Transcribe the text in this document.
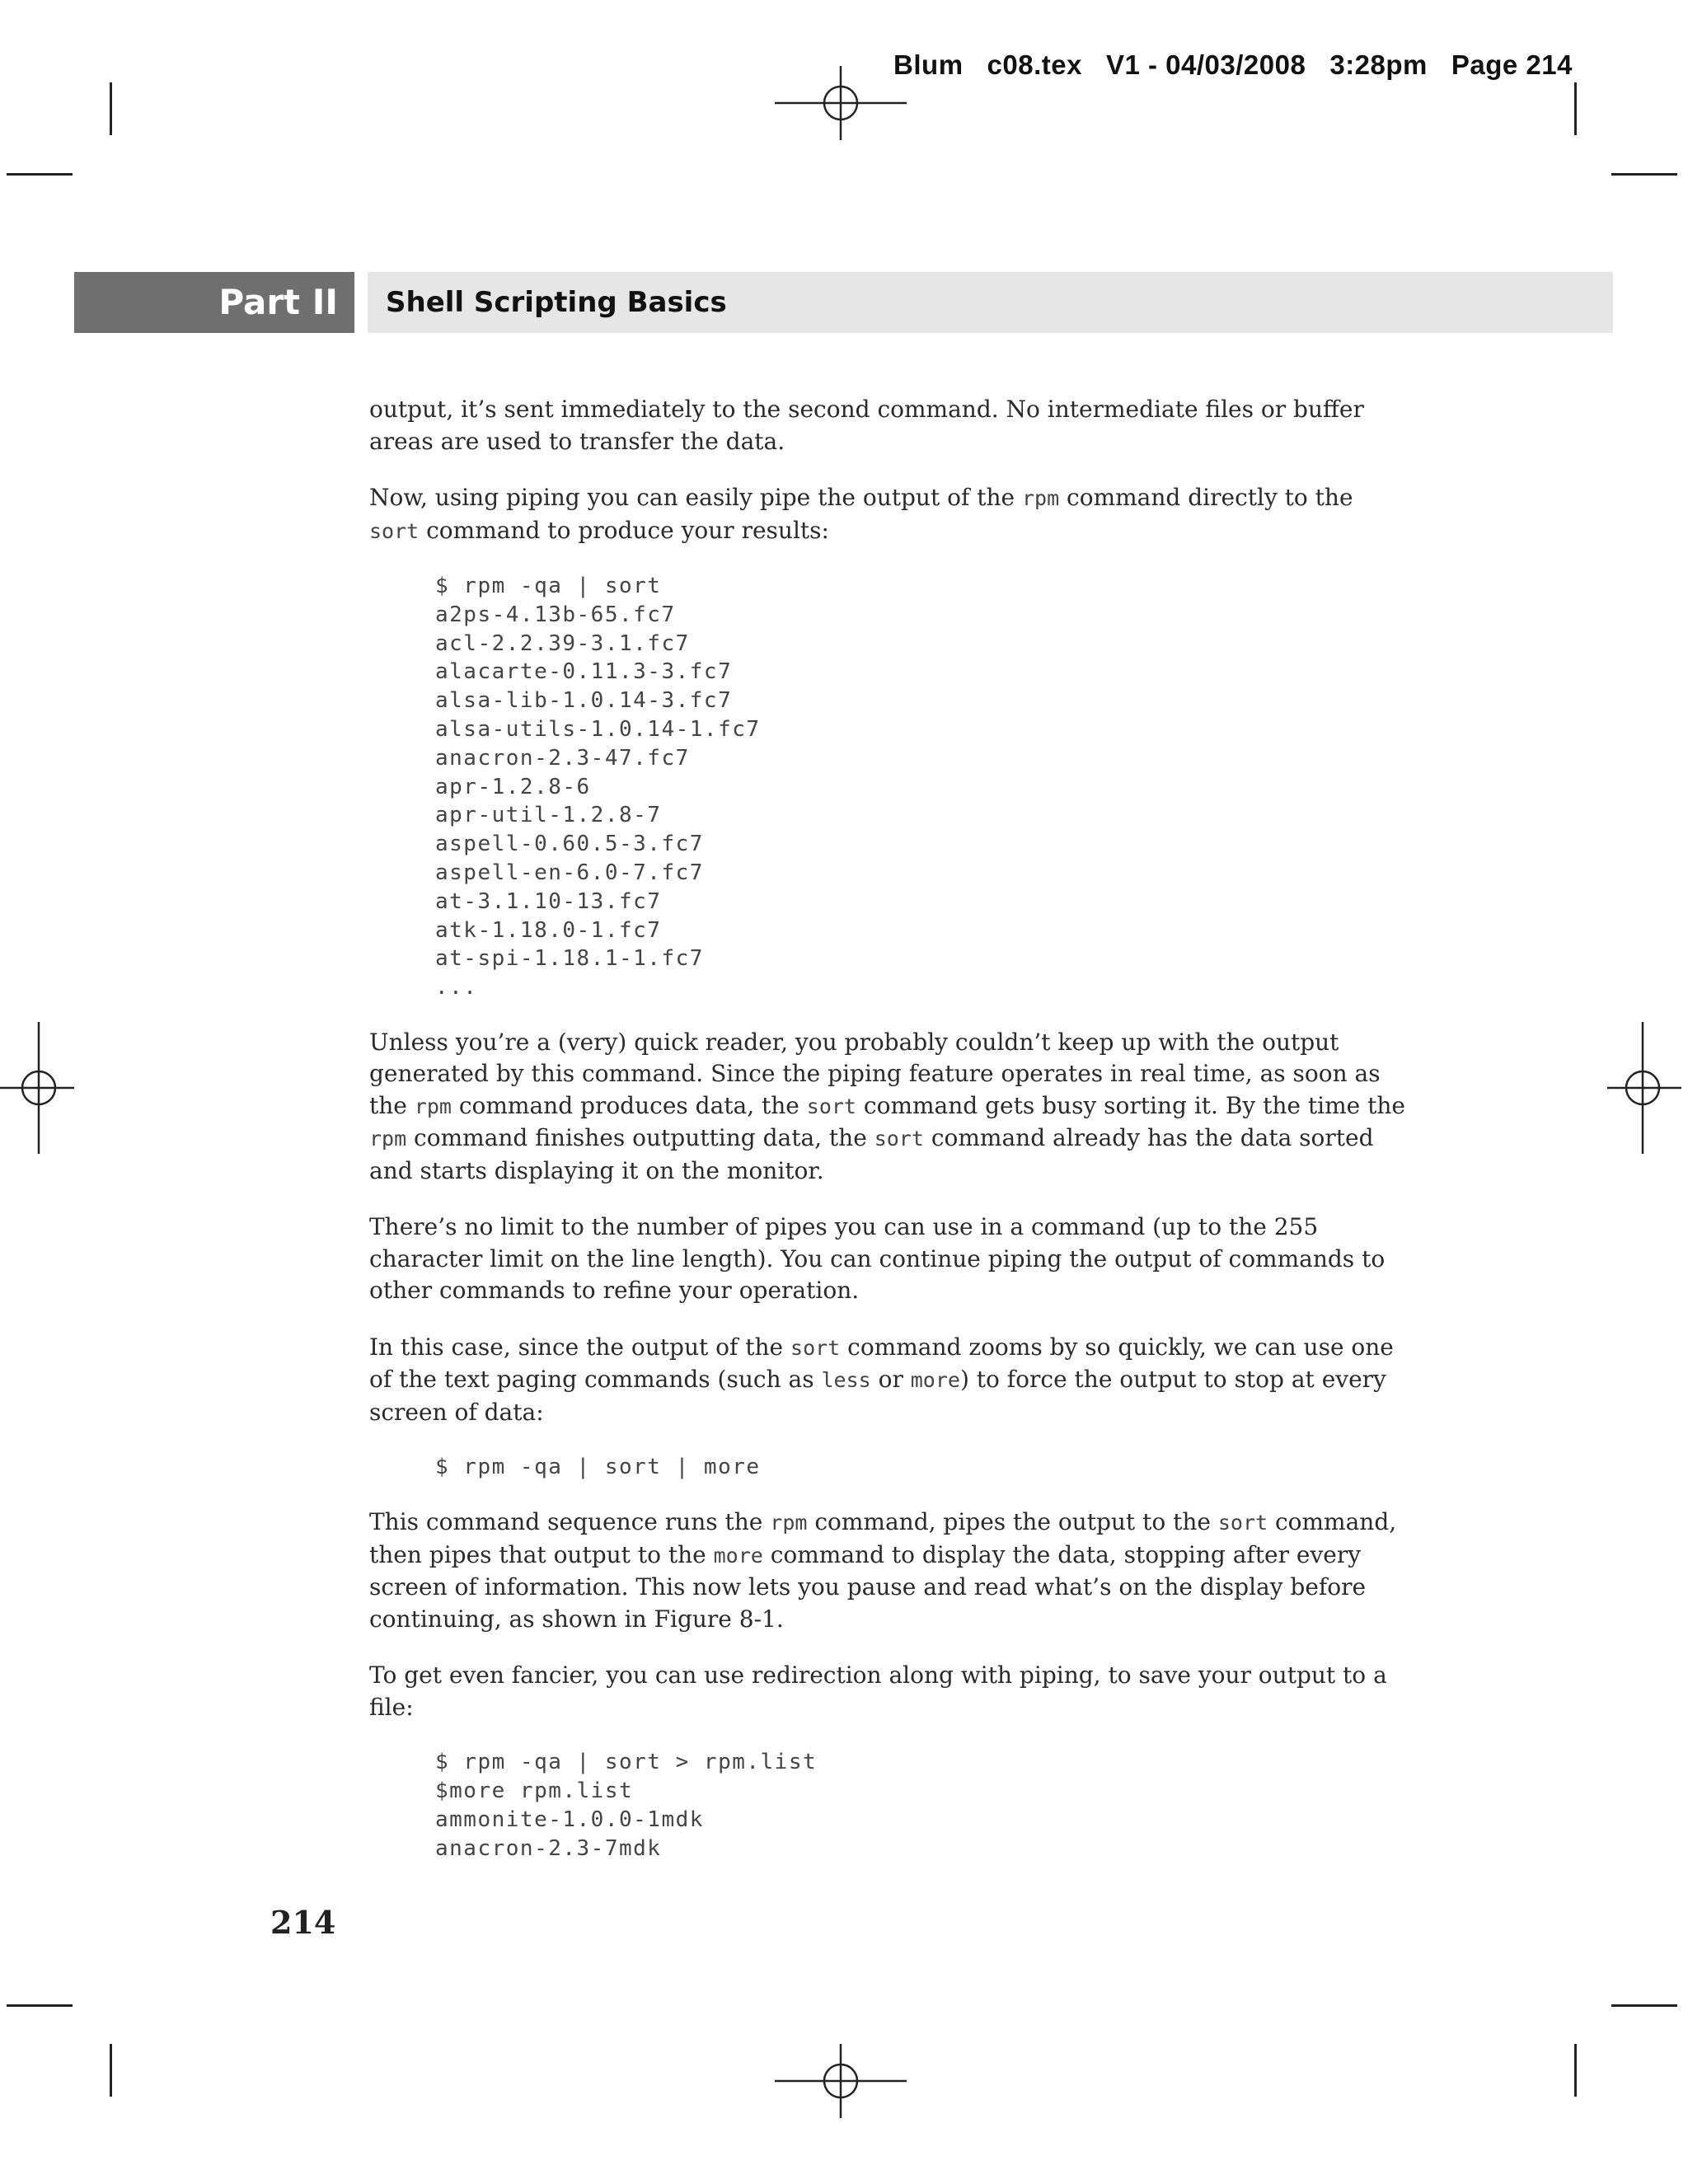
Blum   c08.tex   V1 - 04/03/2008   3:28pm   Page 214
Part II	Shell Scripting Basics

output, it’s sent immediately to the second command. No intermediate files or buffer areas are used to transfer the data.

Now, using piping you can easily pipe the output of the rpm command directly to the sort command to produce your results:

$ rpm -qa | sort
a2ps-4.13b-65.fc7
acl-2.2.39-3.1.fc7
alacarte-0.11.3-3.fc7
alsa-lib-1.0.14-3.fc7
alsa-utils-1.0.14-1.fc7
anacron-2.3-47.fc7
apr-1.2.8-6
apr-util-1.2.8-7
aspell-0.60.5-3.fc7
aspell-en-6.0-7.fc7
at-3.1.10-13.fc7
atk-1.18.0-1.fc7
at-spi-1.18.1-1.fc7
...

Unless you’re a (very) quick reader, you probably couldn’t keep up with the output generated by this command. Since the piping feature operates in real time, as soon as the rpm command produces data, the sort command gets busy sorting it. By the time the rpm command finishes outputting data, the sort command already has the data sorted and starts displaying it on the monitor.

There’s no limit to the number of pipes you can use in a command (up to the 255 character limit on the line length). You can continue piping the output of commands to other commands to refine your operation.

In this case, since the output of the sort command zooms by so quickly, we can use one of the text paging commands (such as less or more) to force the output to stop at every screen of data:

$ rpm -qa | sort | more

This command sequence runs the rpm command, pipes the output to the sort command, then pipes that output to the more command to display the data, stopping after every screen of information. This now lets you pause and read what’s on the display before continuing, as shown in Figure 8-1.

To get even fancier, you can use redirection along with piping, to save your output to a file:

$ rpm -qa | sort > rpm.list
$more rpm.list
ammonite-1.0.0-1mdk
anacron-2.3-7mdk
214
